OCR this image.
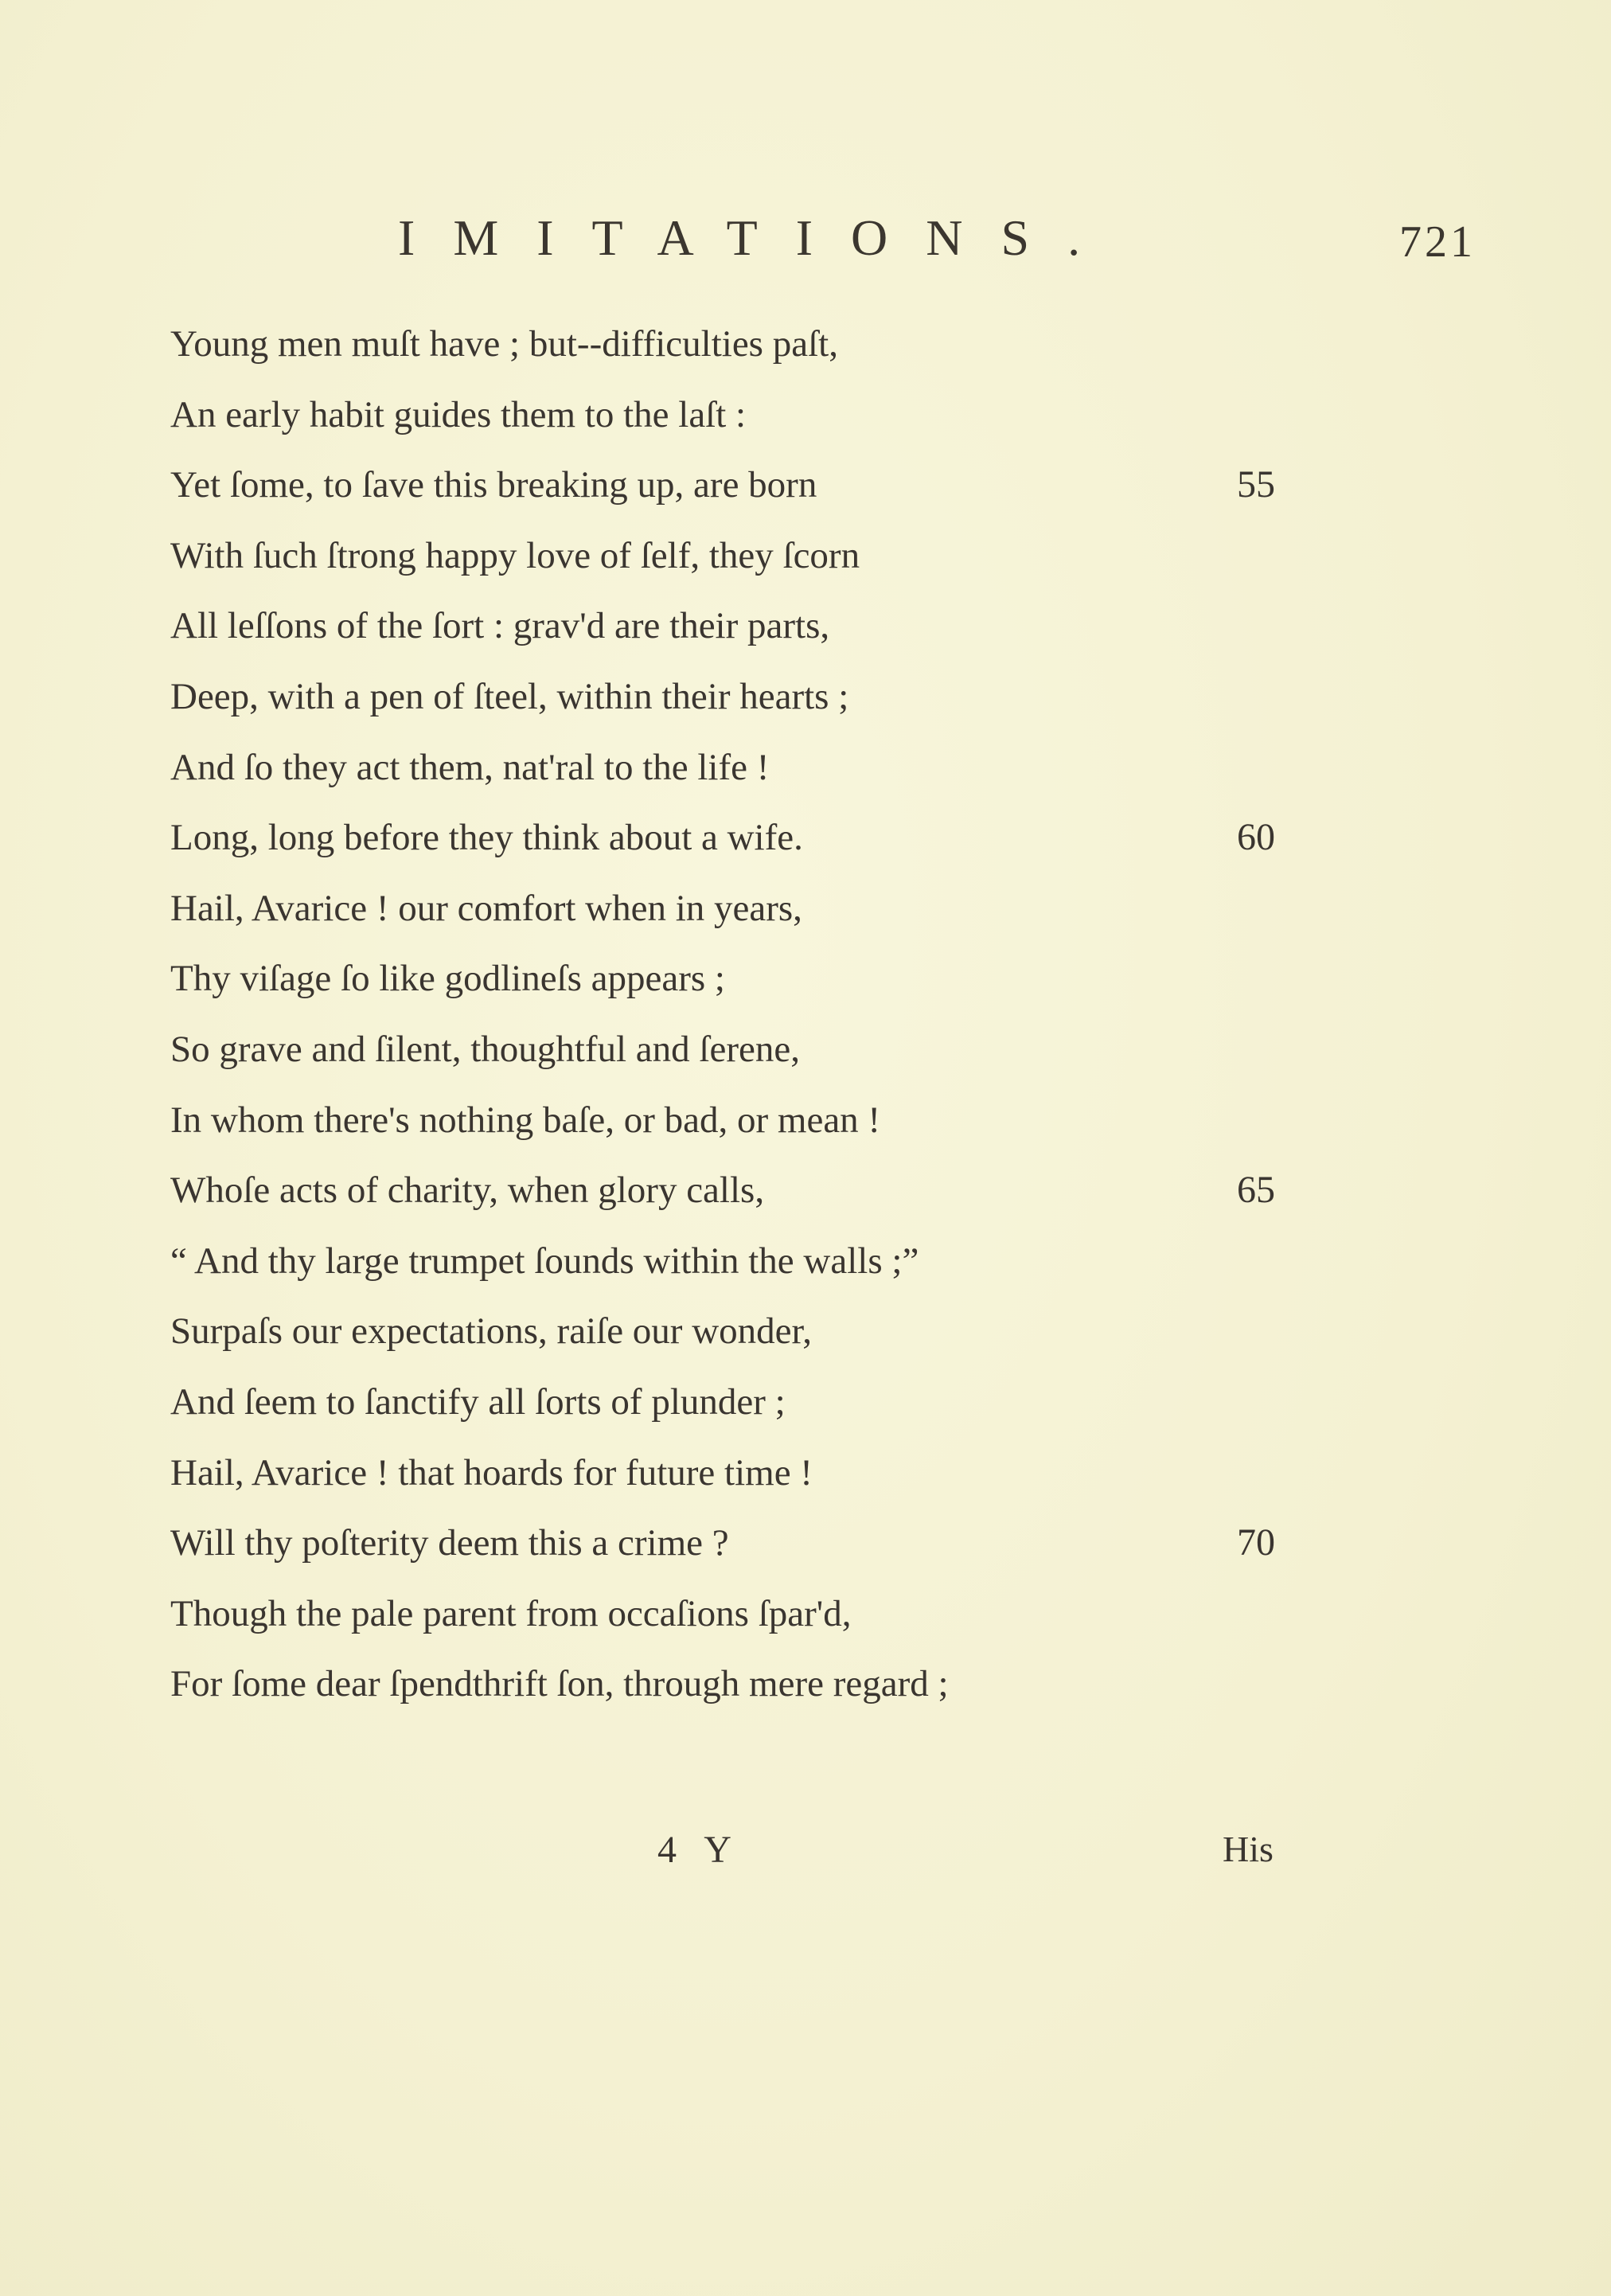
IMITATIONS.	721
Young men muſt have ; but--difficulties paſt,
An early habit guides them to the laſt :
Yet ſome, to ſave this breaking up, are born	55
With ſuch ſtrong happy love of ſelf, they ſcorn
All leſſons of the ſort : grav'd are their parts,
Deep, with a pen of ſteel, within their hearts ;
And ſo they act them, nat'ral to the life !
Long, long before they think about a wife.	60
Hail, Avarice ! our comfort when in years,
Thy viſage ſo like godlineſs appears ;
So grave and ſilent, thoughtful and ſerene,
In whom there's nothing baſe, or bad, or mean !
Whoſe acts of charity, when glory calls,	65
“ And thy large trumpet ſounds within the walls ;”
Surpaſs our expectations, raiſe our wonder,
And ſeem to ſanctify all ſorts of plunder ;
Hail, Avarice ! that hoards for future time !
Will thy poſterity deem this a crime ?	70
Though the pale parent from occaſions ſpar'd,
For ſome dear ſpendthrift ſon, through mere regard ;
4 Y	His
